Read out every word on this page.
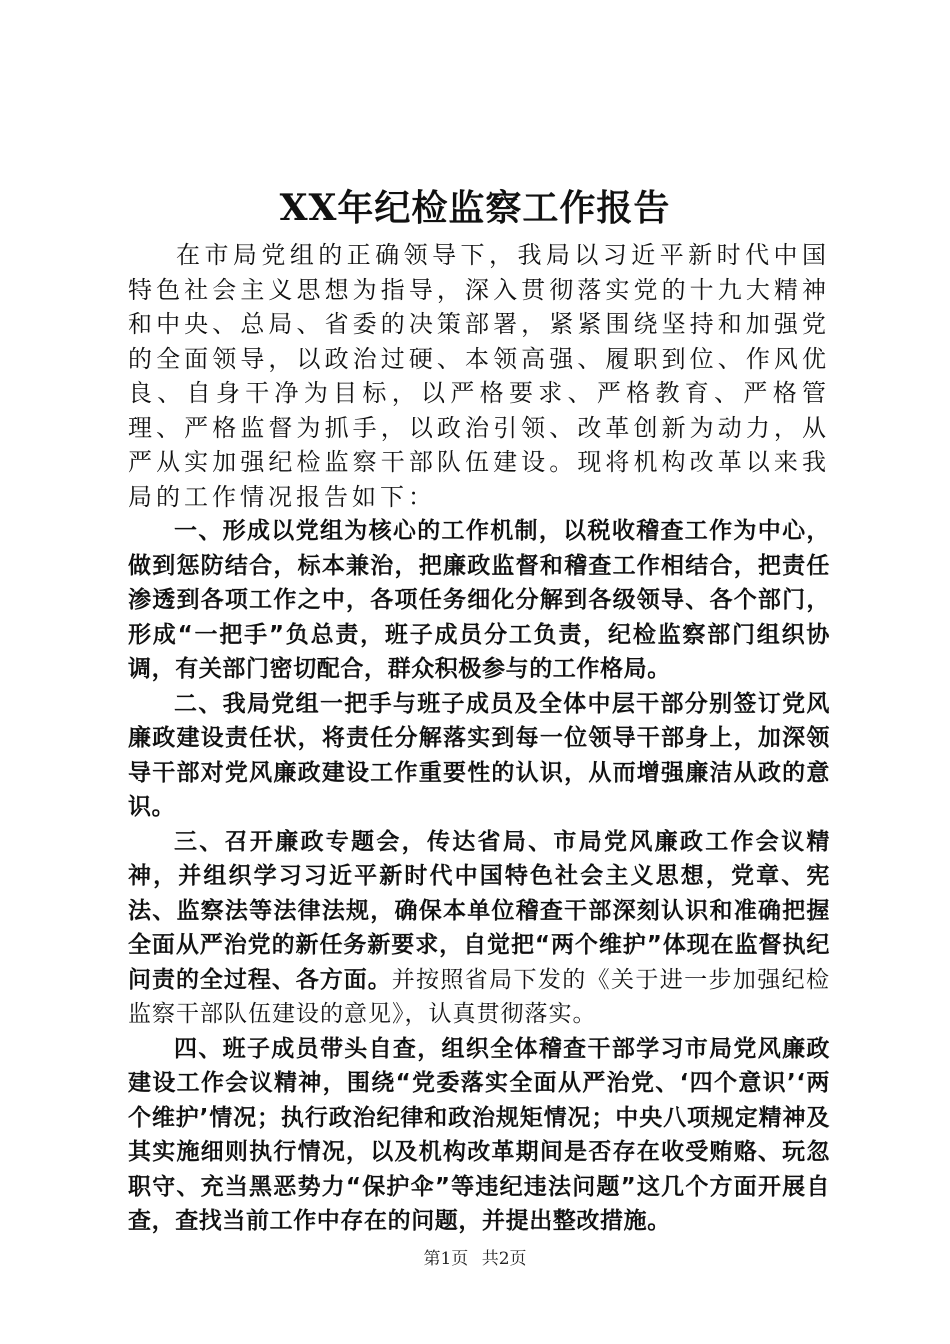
XX年纪检监察工作报告

在市局党组的正确领导下，我局以习近平新时代中国特色社会主义思想为指导，深入贯彻落实党的十九大精神和中央、总局、省委的决策部署，紧紧围绕坚持和加强党的全面领导，以政治过硬、本领高强、履职到位、作风优良、自身干净为目标，以严格要求、严格教育、严格管理、严格监督为抓手，以政治引领、改革创新为动力，从严从实加强纪检监察干部队伍建设。现将机构改革以来我局的工作情况报告如下：

一、形成以党组为核心的工作机制，以税收稽查工作为中心，做到惩防结合，标本兼治，把廉政监督和稽查工作相结合，把责任渗透到各项工作之中，各项任务细化分解到各级领导、各个部门，形成“一把手”负总责，班子成员分工负责，纪检监察部门组织协调，有关部门密切配合，群众积极参与的工作格局。

二、我局党组一把手与班子成员及全体中层干部分别签订党风廉政建设责任状，将责任分解落实到每一位领导干部身上，加深领导干部对党风廉政建设工作重要性的认识，从而增强廉洁从政的意识。

三、召开廉政专题会，传达省局、市局党风廉政工作会议精神，并组织学习习近平新时代中国特色社会主义思想，党章、宪法、监察法等法律法规，确保本单位稽查干部深刻认识和准确把握全面从严治党的新任务新要求，自觉把“两个维护”体现在监督执纪问责的全过程、各方面。并按照省局下发的《关于进一步加强纪检监察干部队伍建设的意见》，认真贯彻落实。

四、班子成员带头自查，组织全体稽查干部学习市局党风廉政建设工作会议精神，围绕“党委落实全面从严治党、‘四个意识’‘两个维护’情况；执行政治纪律和政治规矩情况；中央八项规定精神及其实施细则执行情况，以及机构改革期间是否存在收受贿赂、玩忽职守、充当黑恶势力“保护伞”等违纪违法问题”这几个方面开展自查，查找当前工作中存在的问题，并提出整改措施。

第1页 共2页
